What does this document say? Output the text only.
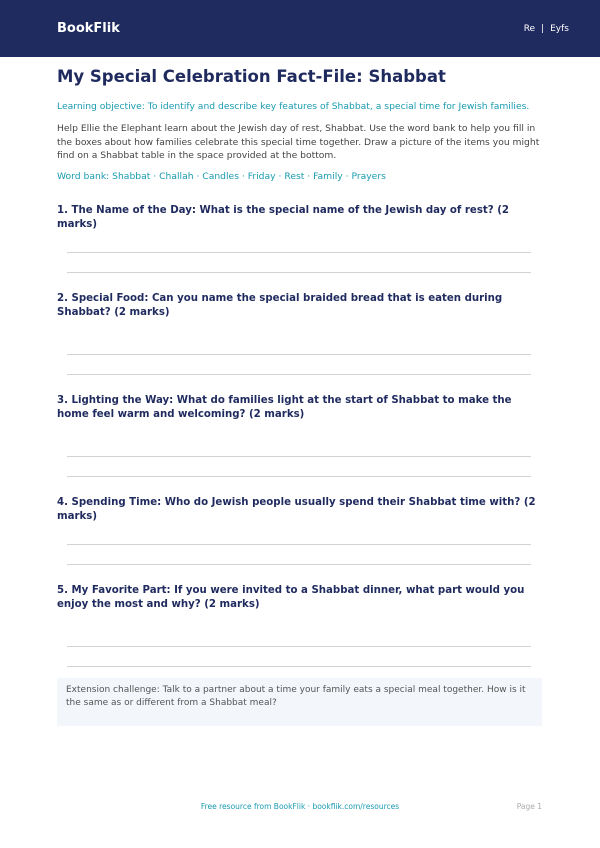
BookFlik	Re | Eyfs
My Special Celebration Fact-File: Shabbat
Learning objective: To identify and describe key features of Shabbat, a special time for Jewish families.
Help Ellie the Elephant learn about the Jewish day of rest, Shabbat. Use the word bank to help you fill in the boxes about how families celebrate this special time together. Draw a picture of the items you might find on a Shabbat table in the space provided at the bottom.
Word bank: Shabbat · Challah · Candles · Friday · Rest · Family · Prayers
1. The Name of the Day: What is the special name of the Jewish day of rest? (2 marks)
2. Special Food: Can you name the special braided bread that is eaten during Shabbat? (2 marks)
3. Lighting the Way: What do families light at the start of Shabbat to make the home feel warm and welcoming? (2 marks)
4. Spending Time: Who do Jewish people usually spend their Shabbat time with? (2 marks)
5. My Favorite Part: If you were invited to a Shabbat dinner, what part would you enjoy the most and why? (2 marks)
Extension challenge: Talk to a partner about a time your family eats a special meal together. How is it the same as or different from a Shabbat meal?
Free resource from BookFlik · bookflik.com/resources	Page 1
